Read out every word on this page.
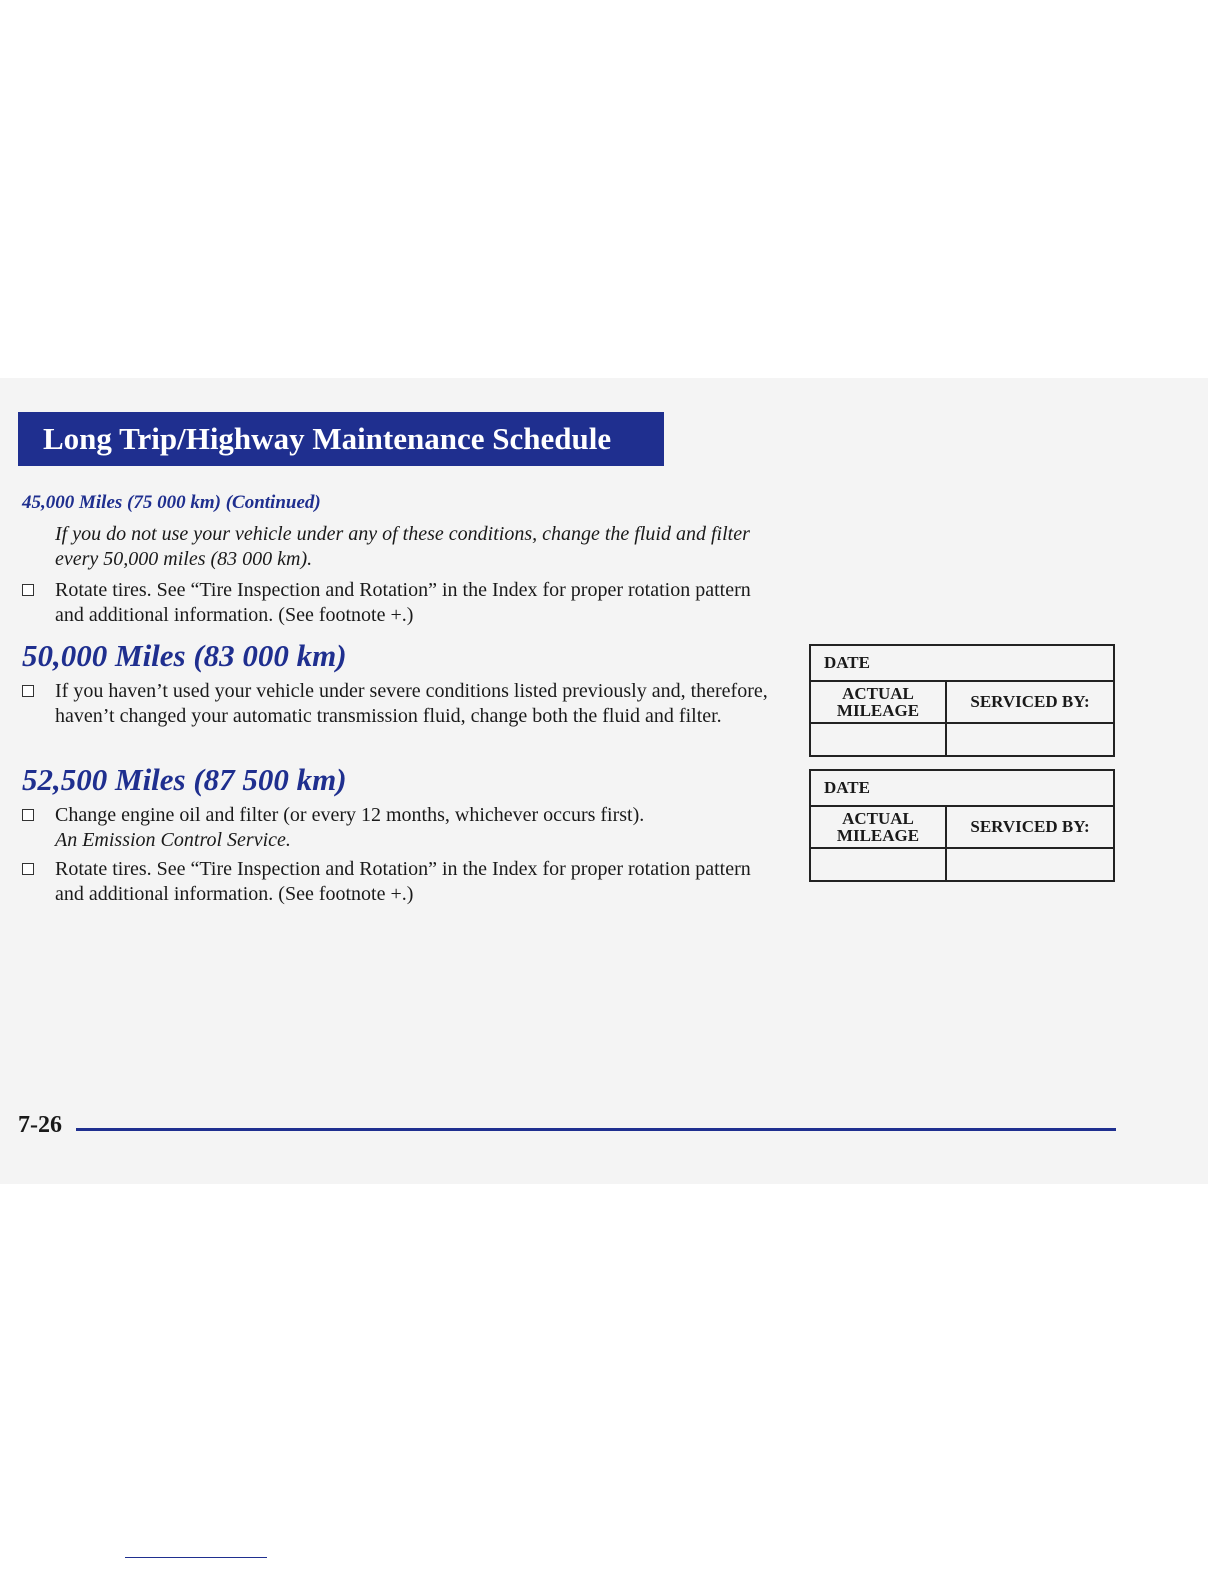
Long Trip/Highway Maintenance Schedule
45,000 Miles (75 000 km) (Continued)
If you do not use your vehicle under any of these conditions, change the fluid and filter every 50,000 miles (83 000 km).
Rotate tires. See “Tire Inspection and Rotation” in the Index for proper rotation pattern and additional information. (See footnote +.)
50,000 Miles (83 000 km)
If you haven’t used your vehicle under severe conditions listed previously and, therefore, haven’t changed your automatic transmission fluid, change both the fluid and filter.
52,500 Miles (87 500 km)
Change engine oil and filter (or every 12 months, whichever occurs first).
An Emission Control Service.
Rotate tires. See “Tire Inspection and Rotation” in the Index for proper rotation pattern and additional information. (See footnote +.)
DATE	
ACTUAL
MILEAGE	SERVICED BY:

DATE	
ACTUAL
MILEAGE	SERVICED BY:

7-26
